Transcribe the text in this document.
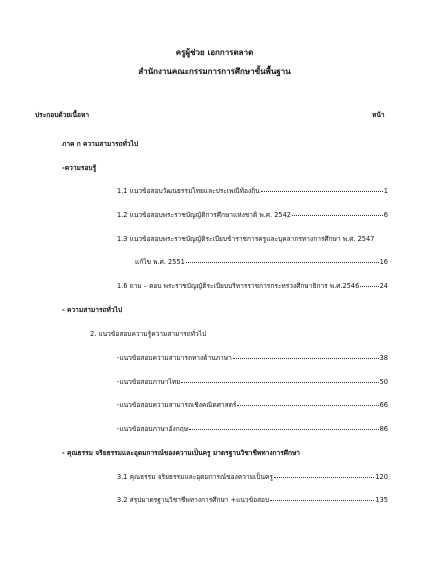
ครูผู้ช่วย เอกการตลาด
สำนักงานคณะกรรมการการศึกษาขั้นพื้นฐาน
ประกอบด้วยเนื้อหา	หน้า
ภาค ก ความสามารถทั่วไป
-ความรอบรู้
1.1 แนวข้อสอบวัฒนธรรมไทยและประเพณีท้องถิ่น	1
1.2 แนวข้อสอบพระราชบัญญัติการศึกษาแห่งชาติ พ.ศ. 2542	6
1.3 แนวข้อสอบพระราชบัญญัติระเบียบข้าราชการครูและบุคลากรทางการศึกษา พ.ศ. 2547
แก้ไข พ.ศ. 2551	16
1.6 ถาม – ตอบ พระราชบัญญัติระเบียบบริหารราชการกระทรวงศึกษาธิการ พ.ศ.2546	24
- ความสามารถทั่วไป
2. แนวข้อสอบความรู้ความสามารถทั่วไป
-แนวข้อสอบความสามารถทางด้านภาษา	38
-แนวข้อสอบภาษาไทย	50
-แนวข้อสอบความสามารถเชิงคณิตศาสตร์	66
-แนวข้อสอบภาษาอังกฤษ	86
- คุณธรรม จริยธรรมและอุดมการณ์ของความเป็นครู มาตรฐานวิชาชีพทางการศึกษา
3.1 คุณธรรม จริยธรรมและอุดมการณ์ของความเป็นครู	120
3.2 สรุปมาตรฐานวิชาชีพทางการศึกษา +แนวข้อสอบ	135
